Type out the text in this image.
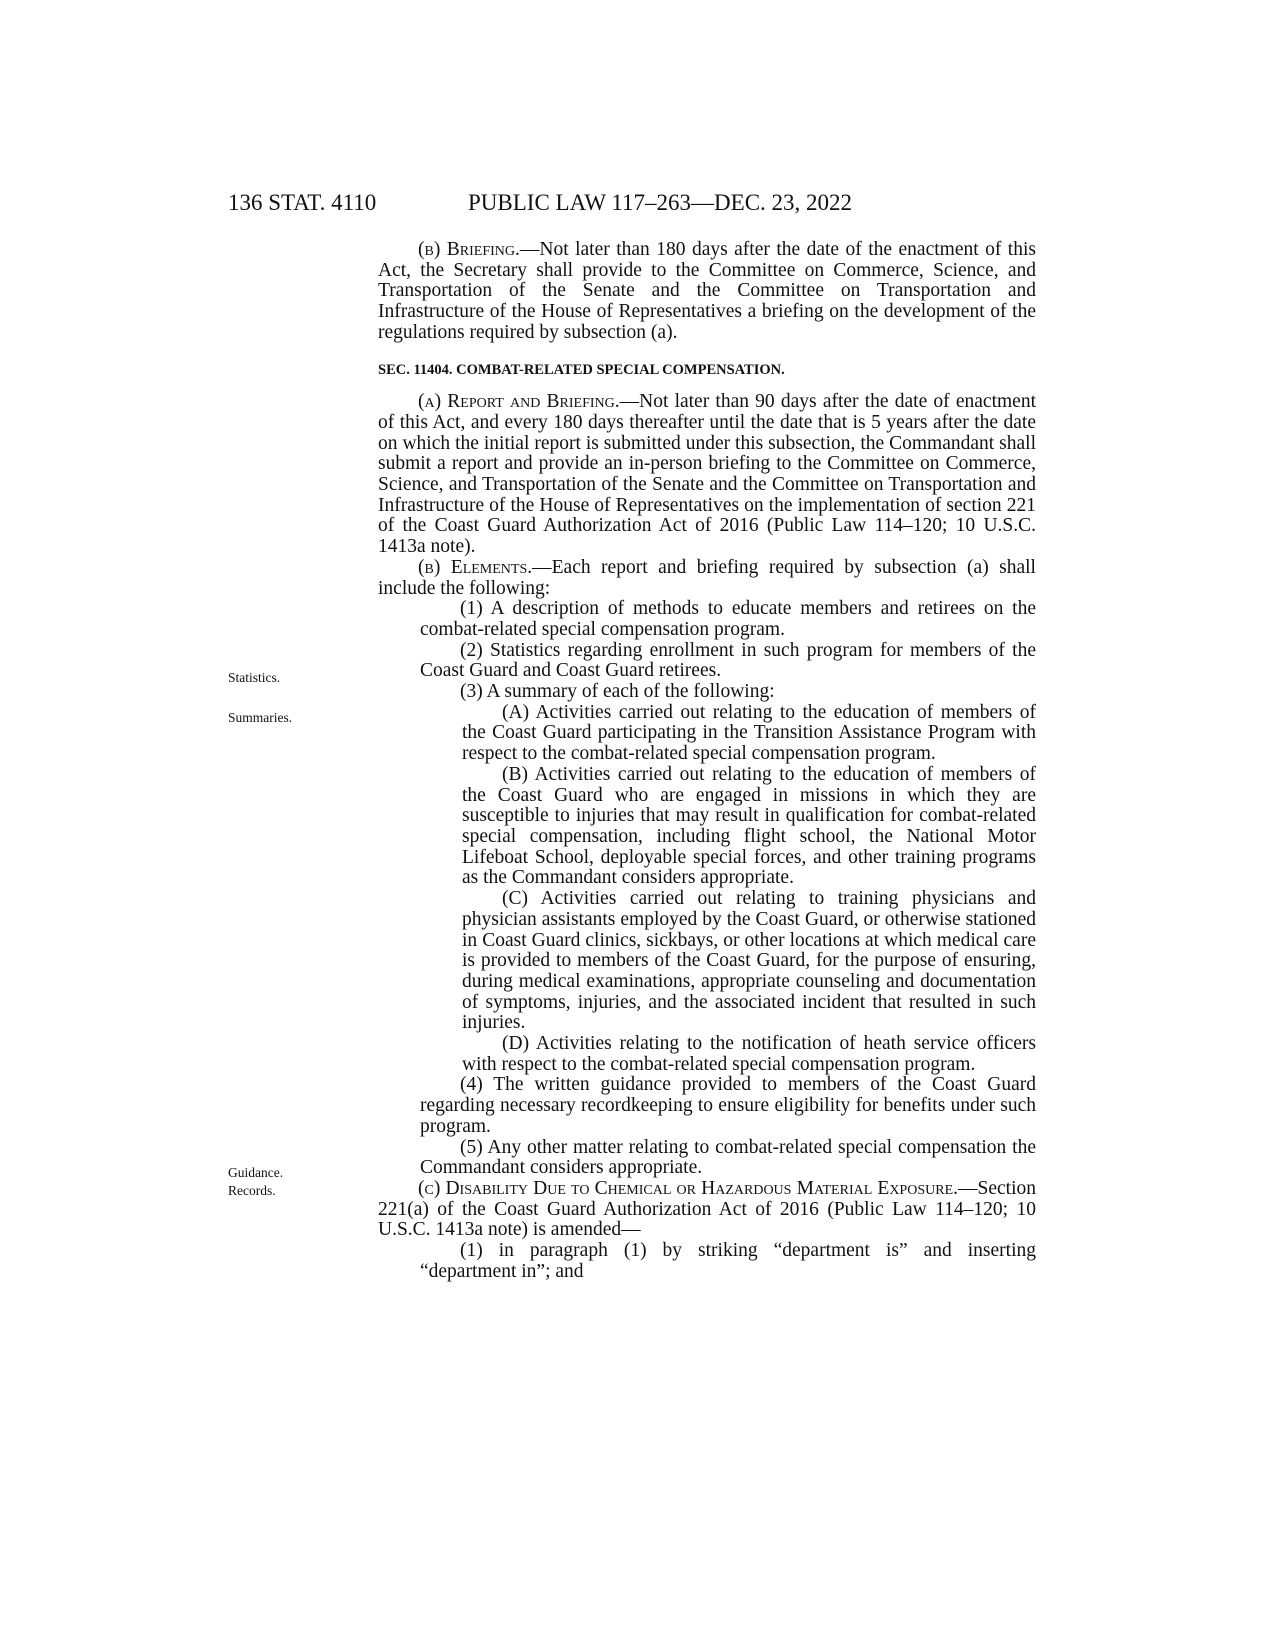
136 STAT. 4110	PUBLIC LAW 117–263—DEC. 23, 2022
Statistics.
Summaries.
Guidance.
Records.

(b) Briefing.—Not later than 180 days after the date of the enactment of this Act, the Secretary shall provide to the Committee on Commerce, Science, and Transportation of the Senate and the Committee on Transportation and Infrastructure of the House of Representatives a briefing on the development of the regulations required by subsection (a).

SEC. 11404. COMBAT-RELATED SPECIAL COMPENSATION.

(a) Report and Briefing.—Not later than 90 days after the date of enactment of this Act, and every 180 days thereafter until the date that is 5 years after the date on which the initial report is submitted under this subsection, the Commandant shall submit a report and provide an in-person briefing to the Committee on Commerce, Science, and Transportation of the Senate and the Committee on Transportation and Infrastructure of the House of Representatives on the implementation of section 221 of the Coast Guard Authorization Act of 2016 (Public Law 114–120; 10 U.S.C. 1413a note).

(b) Elements.—Each report and briefing required by subsection (a) shall include the following:

(1) A description of methods to educate members and retirees on the combat-related special compensation program.

(2) Statistics regarding enrollment in such program for members of the Coast Guard and Coast Guard retirees.

(3) A summary of each of the following:

(A) Activities carried out relating to the education of members of the Coast Guard participating in the Transition Assistance Program with respect to the combat-related special compensation program.

(B) Activities carried out relating to the education of members of the Coast Guard who are engaged in missions in which they are susceptible to injuries that may result in qualification for combat-related special compensation, including flight school, the National Motor Lifeboat School, deployable special forces, and other training programs as the Commandant considers appropriate.

(C) Activities carried out relating to training physicians and physician assistants employed by the Coast Guard, or otherwise stationed in Coast Guard clinics, sickbays, or other locations at which medical care is provided to members of the Coast Guard, for the purpose of ensuring, during medical examinations, appropriate counseling and documentation of symptoms, injuries, and the associated incident that resulted in such injuries.

(D) Activities relating to the notification of heath service officers with respect to the combat-related special compensation program.

(4) The written guidance provided to members of the Coast Guard regarding necessary recordkeeping to ensure eligibility for benefits under such program.

(5) Any other matter relating to combat-related special compensation the Commandant considers appropriate.

(c) Disability Due to Chemical or Hazardous Material Exposure.—Section 221(a) of the Coast Guard Authorization Act of 2016 (Public Law 114–120; 10 U.S.C. 1413a note) is amended—

(1) in paragraph (1) by striking “department is” and inserting “department in”; and
